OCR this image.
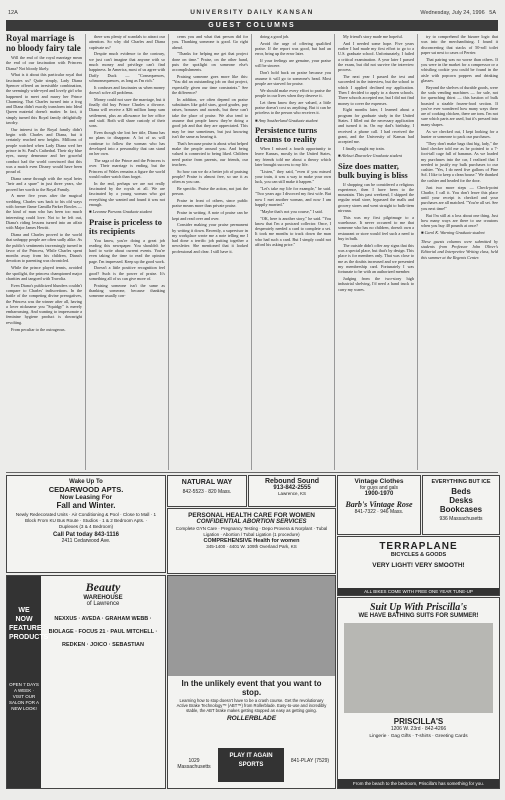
12A	UNIVERSITY DAILY KANSAN	Wednesday, July 24, 1996 5A
GUEST COLUMNS
Royal marriage is no bloody fairy tale

Will the end of the royal marriage mean the end of our fascination with Princess Diana? Not bloody likely.

What is it about this particular royal that fascinates us? Quite simply, Lady Diana Spencer offered an irresistible combination, the seemingly wide-eyed and lovely girl who happened to meet and marry her Prince Charming. That Charles turned into a frog and Diana didn't exactly transform into Ideal Queen material doesn't matter. In fact, it simply turned this Royal family delightfully tawdry.

Our interest in the Royal family didn't begin with Charles and Diana, but it certainly reached new heights. Millions of people watched when Lady Diana wed her prince in St. Paul's Cathedral. Their sky blue eyes, sunny demeanor and her graceful conduct had the world convinced that this was a match even Disney would have been proud of.

Diana came through with the royal heirs "heir and a spare" in just three years, she proved her worth to the Royal Family.

A mere five years after the magical wedding, Charles was back to his old ways with former flame Camilla Parker Bowles — the kind of man who has been too much interesting could love. Not to be left out, Diana's riding lessons turned into an affair with Major James Hewitt.

Diana and Charles proved to the world that unhappy people are often sadly alike. As the public's sentiments increasingly turned in favor of the Princess, While Charles spent months away from his children, Diana's devotion to parenting was chronicled.

While the prince played tennis, avoided the spotlight, the princess championed major charities and tangoed with Travolta.

Even Diana's publicized blunders couldn't compare to Charles' indiscretions. In the battle of the competing divine prerogatives, the Princess was the winner after all, having a lover nickname you "Squidgy" is merely embarrassing. And wanting to impersonate a feminine hygiene product is downright revolting.

From peculiar to the outrageous.

there was plenty of scandals to attract our attention. So why did Charles and Diana captivate us?

Despite much evidence to the contrary, we just can't imagine that anyone with so much money and privilege can't find happiness. In America, most of us agree with Daffy Duck — "Consequences, schmonsequences, as long as I'm rich."

It confuses and fascinates us when money doesn't solve all problems.

Money could not save the marriage, but it finally did buy Prince Charles a divorce. Diana will receive a $26 million lump sum settlement, plus an allowance for her office and staff. Both will share custody of their sons.

Even though she lost her title, Diana has no plans to disappear. A lot of us will continue to follow the woman who has developed into a personality that can stand on her own.

The saga of the Prince and the Princess is over. Their marriage is ending, but the Princess of Wales remains a figure the world would rather watch than forget.

In the end, perhaps we are not really fascinated by the royals at all. We are fascinated by a young woman who got everything she wanted and found it was not enough.

■ Leeanne Parsons Graduate student

Praise is priceless to its recipients

You know, you're doing a great job reading this newspaper. You shouldn't be hard to write about current events. You're even taking the time to read the opinion page. I'm impressed. Keep up the good work.

Doesn't a little positive recognition feel good? Such is the power of praise. It's something all of us can give more of.

Praising someone isn't the same as thanking someone, because thanking someone usually con-

cerns you and what that person did for you. Thanking someone is good. Go right ahead.

"Thanks for helping me get that project done on time." Praise, on the other hand, puts the spotlight on someone else's accomplishments.

Praising someone goes more like this: "You did an outstanding job on that project, especially given our time constraints." See the difference?

In addition, we often depend on praise substitutes like gold stars, good grades, pay raises, bonuses and awards, but these can't take the place of praise. We also tend to assume that people know they're doing a good job and that they are appreciated. This may be true sometimes, but just knowing isn't the same as hearing it.

That's because praise is about what helped make the people around you. And being valued is connected to being liked. Children need praise from parents, our friends, our teachers.

So how can we do a better job of praising people? Praise is almost free, so use it as often as you can.

Be specific. Praise the action, not just the person.

Praise in front of others, since public praise means more than private praise.

Praise in writing. A note of praise can be kept and read over and over.

Consider making your praise permanent by writing it down. Recently, a supervisor in my workplace wrote me a note telling me I had done a terrific job putting together a newsletter. She mentioned that it looked professional and clear. I still have it.

doing a good job.

Avoid the urge of offering qualified praise. If the report was good, but had an error, bring up the error later.

If your feelings are genuine, your praise will be sincere.

Don't hold back on praise because you assume it will go to someone's head. Most people are starved for praise.

We should make every effort to praise the people in our lives when they deserve it.

Let them know they are valued, a little praise doesn't cost us anything. But it can be priceless to the person who receives it.

■ Amy Southerland Graduate student

Persistence turns dreams to reality

When I missed a fourth opportunity to leave Kansas, mostly in the United States, my friends told me about a theory which later brought success to my life.

"Listen," they said, "even if you missed your train, it was a way to make your own luck, you can still make it happen."

"Let's take my life for example," he said. "Two years ago I divorced my first wife. But now I met another woman, and now I am happily married."

"Maybe that's not you course," I said.

"OK, here is another story," he said. "You know that I'm a postcard collector. Once, I desperately needed a card to complete a set. It took me months to track down the man who had such a card. But I simply could not afford his asking price."

My friend's story made me hopeful.

And I needed some hope. Five years earlier I had made my first effort to go to a U.S. graduate school. Unfortunately, I failed a critical examination. A year later I passed the exam, but did not survive the interview process.

The next year I passed the test and succeeded in the interview, but the school to which I applied declined my application. Then I decided to apply to a dozen schools. Three schools accepted me, but I did not find money to cover the expenses.

Eight months later, I learned about a program for graduate study in the United States. I filled out the necessary application and turned it in. On my dad's birthday, I received a phone call. I had received the grant, and the University of Kansas had accepted me.

I finally caught my train.

■ Aleksei Zhuravlev Graduate student

Size does matter, bulk buying is bliss

If shopping can be considered a religious experience, then I have been to the mountain. This past weekend, I skipped the regular retail store, bypassed the malls and grocery stores and went straight to bulk-item nirvana.

This was my first pilgrimage to a warehouse. It never occurred to me that someone who has no children, doesn't own a restaurant or store would feel such a need to buy in bulk.

The outside didn't offer any signs that this was a special place, but that's by design. This place is for members only. That was close to me as the doubts increased and we presented my membership card. Fortunately I was fortunate to be with an authorized member.

Judging from the two-story high industrial shelving, I'd need a hand truck to carry my wares.

try to comprehend the bizarre logic that was into the merchandising. I found it disconcerting that stacks of 50-roll toilet paper sat next to cases of Perrier.

That pairing was no worse than others. If you were in the market for a compressor or a whistling cookie you could be found in the aisle with popcorn poppers and drinking glasses.

Beyond the shelves of durable goods, were the soda vending machines — for sale, not for quenching thirst — this bastion of bulk boasted a sizable frozen-food section. If you've ever wondered how many ways there are of cooking chicken, there are tons. I'm not sure which parts are used, but it's pressed into many shapes.

As we checked out, I kept looking for a hunter or someone to pack our purchases.

"They don't make bags that big, lady," the kind checker told me as he pointed to a 7-foot-tall cage full of bananas. As we loaded my purchases into the car, I realized that I needed to justify my bulk purchases to our cashier. "Yes, I do need five gallons of Pine Sol. I like to keep a clean house." We thanked the cashier and headed for the door.

Just two more steps — Check-point Charlie, I call it. You don't leave this place until your receipt is checked and your purchases are all matched. "You're all set. See you next time!"

But I'm still at a loss about one thing. Just how many ways are there to use croutons when you buy 40 pounds at once?

■ Carol K. Warning Graduate student

These guests columns were submitted by students from Professor John Oliver's Editorial and Interpretive Writing class, held this summer at the Regents Center.

Wake Up To
CEDARWOOD APTS.
Now Leasing For
Fall and Winter.
Newly Redecorated Units · Air Conditioning & Pool · Close to Mall · 1 Block From KU Bus Route · Studios · 1 & 2 Bedroom Apts. · Duplexes (3 & 4 Bedroom)
Call Pat today 843-1116
2411 Cedarwood Ave.
NATURAL WAY
842-5523 · 820 Mass.
Rebound Sound
913-842-2555
Lawrence, KS
PERSONAL HEALTH CARE FOR WOMEN
CONFIDENTIAL ABORTION SERVICES
Complete GYN Care · Pregnancy Testing · Depo Provera & Norplant · Tubal Ligation · Abortion / Tubal Ligation (1 procedure)
COMPREHENSIVE Health for women
345-1400 · 4401 W. 109th Overland Park, KS
Vintage Clothes
for guys and gals
1900-1970
Barb's Vintage Rose
841-7322 · 946 Mass.
EVERYTHING BUT ICE
Beds
Desks
Bookcases
936 Massachusetts
TERRAPLANE
BICYCLES & GOODS
VERY LIGHT! VERY SMOOTH!
ALL BIKES COME WITH FREE ONE YEAR TUNE-UP
WE NOW FEATURE PRODUCTS
OPEN 7 DAYS A WEEK · VISIT OUR SALON FOR A NEW LOOK!
Beauty
WAREHOUSE
of Lawrence
NEXXUS · AVEDA · GRAHAM WEBB · BIOLAGE · FOCUS 21 · PAUL MITCHELL · REDKEN · JOICO · SEBASTIAN
In the unlikely event that you want to stop.
Learning how to stop doesn't have to be a crash course. Get the revolutionary Active Brake Technology™ (ABT™) from Rollerblade. Easy-to-use and incredibly stable, the ABT brake makes getting stopped as easy as getting going.
ROLLERBLADE
PLAY IT AGAIN SPORTS
1029 Massachusetts
841-PLAY (7529)
Suit Up With Priscilla's
WE HAVE BATHING SUITS FOR SUMMER!
PRISCILLA'S
1206 W. 23rd · 842-4266
Lingerie · Gag Gifts · T-shirts · Greeting Cards
From the beach to the bedroom, Priscilla's has something for you.
